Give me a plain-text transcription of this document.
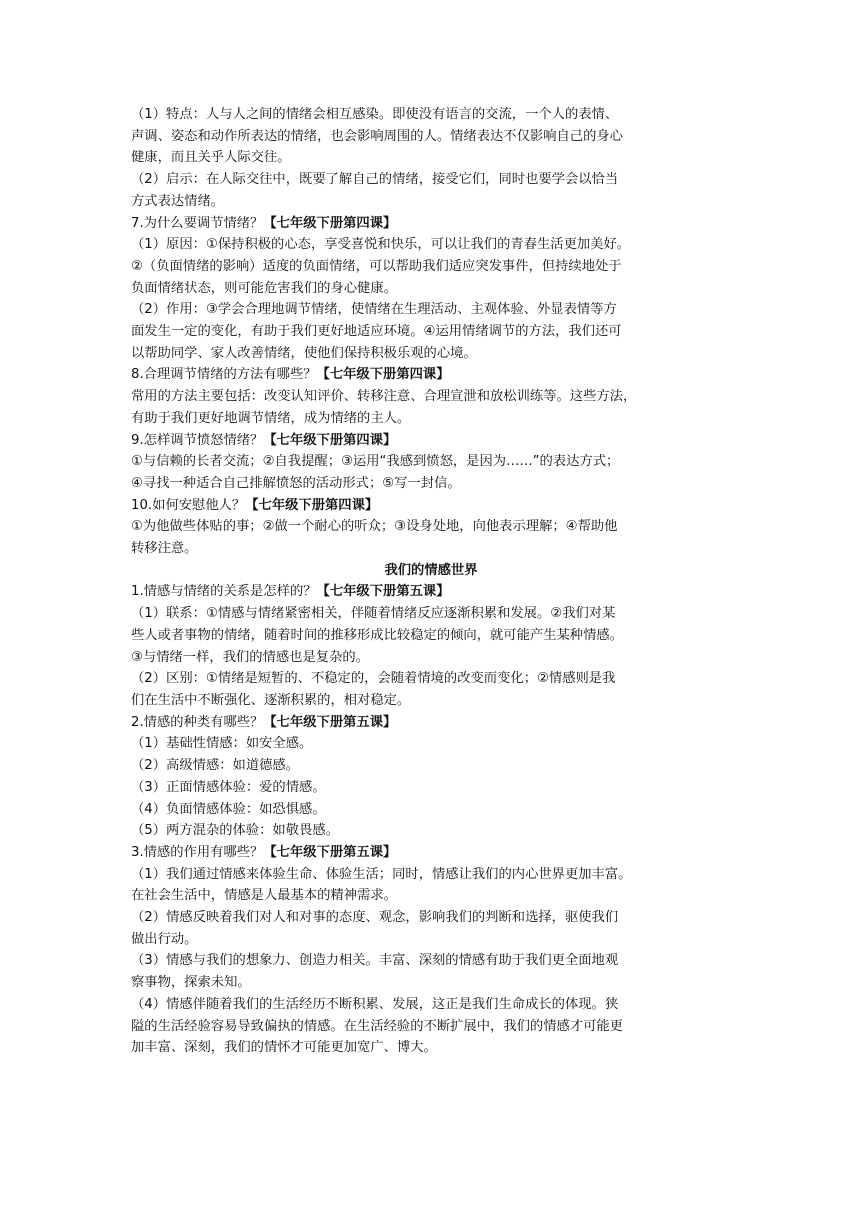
（1）特点：人与人之间的情绪会相互感染。即使没有语言的交流，一个人的表情、

声调、姿态和动作所表达的情绪，也会影响周围的人。情绪表达不仅影响自己的身心

健康，而且关乎人际交往。

（2）启示：在人际交往中，既要了解自己的情绪，接受它们，同时也要学会以恰当

方式表达情绪。

7.为什么要调节情绪？【七年级下册第四课】

（1）原因：①保持积极的心态，享受喜悦和快乐，可以让我们的青春生活更加美好。

②（负面情绪的影响）适度的负面情绪，可以帮助我们适应突发事件，但持续地处于

负面情绪状态，则可能危害我们的身心健康。

（2）作用：③学会合理地调节情绪，使情绪在生理活动、主观体验、外显表情等方

面发生一定的变化，有助于我们更好地适应环境。④运用情绪调节的方法，我们还可

以帮助同学、家人改善情绪，使他们保持积极乐观的心境。

8.合理调节情绪的方法有哪些？【七年级下册第四课】

常用的方法主要包括：改变认知评价、转移注意、合理宣泄和放松训练等。这些方法，

有助于我们更好地调节情绪，成为情绪的主人。

9.怎样调节愤怒情绪？【七年级下册第四课】

①与信赖的长者交流；②自我提醒；③运用“我感到愤怒，是因为……”的表达方式；

④寻找一种适合自己排解愤怒的活动形式；⑤写一封信。

10.如何安慰他人？【七年级下册第四课】

①为他做些体贴的事；②做一个耐心的听众；③设身处地，向他表示理解；④帮助他

转移注意。

我们的情感世界

1.情感与情绪的关系是怎样的？【七年级下册第五课】

（1）联系：①情感与情绪紧密相关，伴随着情绪反应逐渐积累和发展。②我们对某

些人或者事物的情绪，随着时间的推移形成比较稳定的倾向，就可能产生某种情感。

③与情绪一样，我们的情感也是复杂的。

（2）区别：①情绪是短暂的、不稳定的，会随着情境的改变而变化；②情感则是我

们在生活中不断强化、逐渐积累的，相对稳定。

2.情感的种类有哪些？【七年级下册第五课】

（1）基础性情感：如安全感。

（2）高级情感：如道德感。

（3）正面情感体验：爱的情感。

（4）负面情感体验：如恐惧感。

（5）两方混杂的体验：如敬畏感。

3.情感的作用有哪些？【七年级下册第五课】

（1）我们通过情感来体验生命、体验生活；同时，情感让我们的内心世界更加丰富。

在社会生活中，情感是人最基本的精神需求。

（2）情感反映着我们对人和对事的态度、观念，影响我们的判断和选择，驱使我们

做出行动。

（3）情感与我们的想象力、创造力相关。丰富、深刻的情感有助于我们更全面地观

察事物，探索未知。

（4）情感伴随着我们的生活经历不断积累、发展，这正是我们生命成长的体现。狭

隘的生活经验容易导致偏执的情感。在生活经验的不断扩展中，我们的情感才可能更

加丰富、深刻，我们的情怀才可能更加宽广、博大。
